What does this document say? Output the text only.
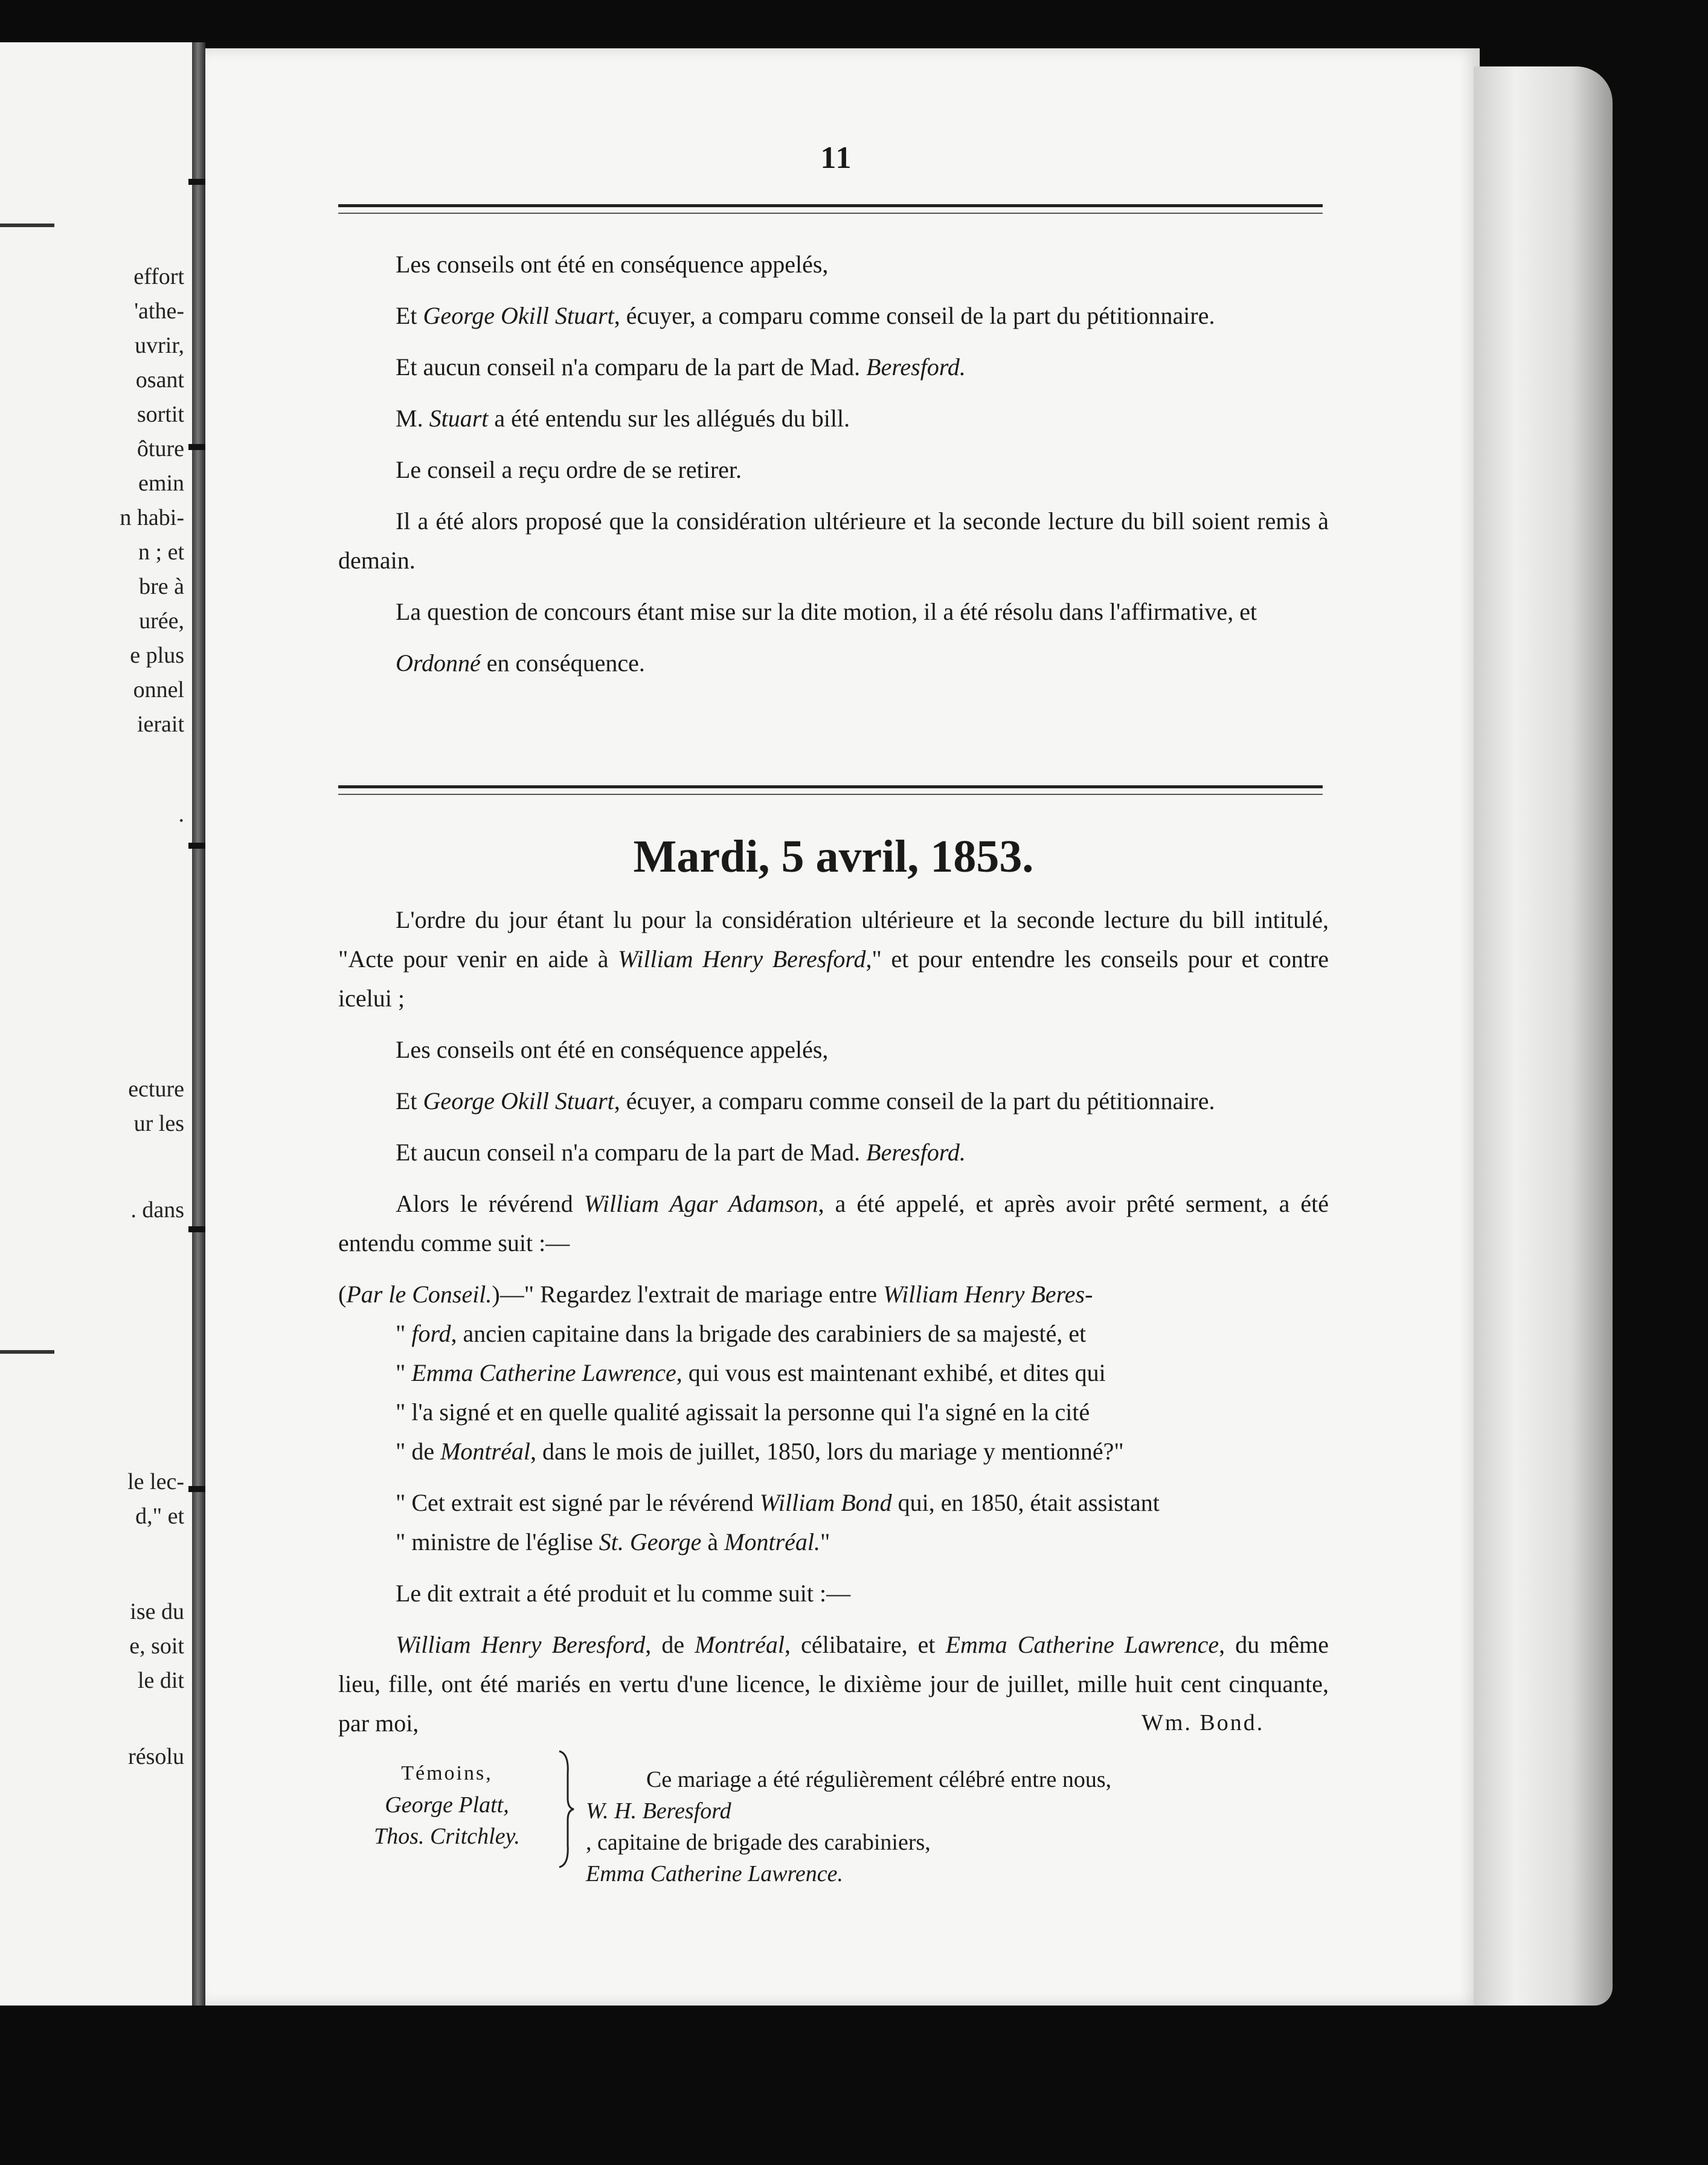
effort
'athe-
uvrir,
osant
sortit
ôture
emin
n habi-
n ; et
bre à
urée,
e plus
onnel
ierait
.
ecture
ur les
. dans
le lec-
d," et
ise du
e, soit
le dit
résolu
11

Les conseils ont été en conséquence appelés,

Et George Okill Stuart, écuyer, a comparu comme conseil de la part du pétitionnaire.

Et aucun conseil n'a comparu de la part de Mad. Beresford.

M. Stuart a été entendu sur les allégués du bill.

Le conseil a reçu ordre de se retirer.

Il a été alors proposé que la considération ultérieure et la seconde lecture du bill soient remis à demain.

La question de concours étant mise sur la dite motion, il a été résolu dans l'affirmative, et

Ordonné en conséquence.

Mardi, 5 avril, 1853.

L'ordre du jour étant lu pour la considération ultérieure et la seconde lecture du bill intitulé, "Acte pour venir en aide à William Henry Beresford," et pour entendre les conseils pour et contre icelui ;

Les conseils ont été en conséquence appelés,

Et George Okill Stuart, écuyer, a comparu comme conseil de la part du pétitionnaire.

Et aucun conseil n'a comparu de la part de Mad. Beresford.

Alors le révérend William Agar Adamson, a été appelé, et après avoir prêté serment, a été entendu comme suit :—

(Par le Conseil.)—" Regardez l'extrait de mariage entre William Henry Beres-
" ford, ancien capitaine dans la brigade des carabiniers de sa majesté, et
" Emma Catherine Lawrence, qui vous est maintenant exhibé, et dites qui
" l'a signé et en quelle qualité agissait la personne qui l'a signé en la cité
" de Montréal, dans le mois de juillet, 1850, lors du mariage y mentionné?"
" Cet extrait est signé par le révérend William Bond qui, en 1850, était assistant
" ministre de l'église St. George à Montréal."

Le dit extrait a été produit et lu comme suit :—

William Henry Beresford, de Montréal, célibataire, et Emma Catherine Lawrence, du même lieu, fille, ont été mariés en vertu d'une licence, le dixième jour de juillet, mille huit cent cinquante, par moi,	Wm. Bond.
Témoins,
George Platt,
Thos. Critchley.
Ce mariage a été régulièrement célébré entre nous,
W. H. Beresford
, capitaine de brigade des carabiniers,
Emma Catherine Lawrence.
